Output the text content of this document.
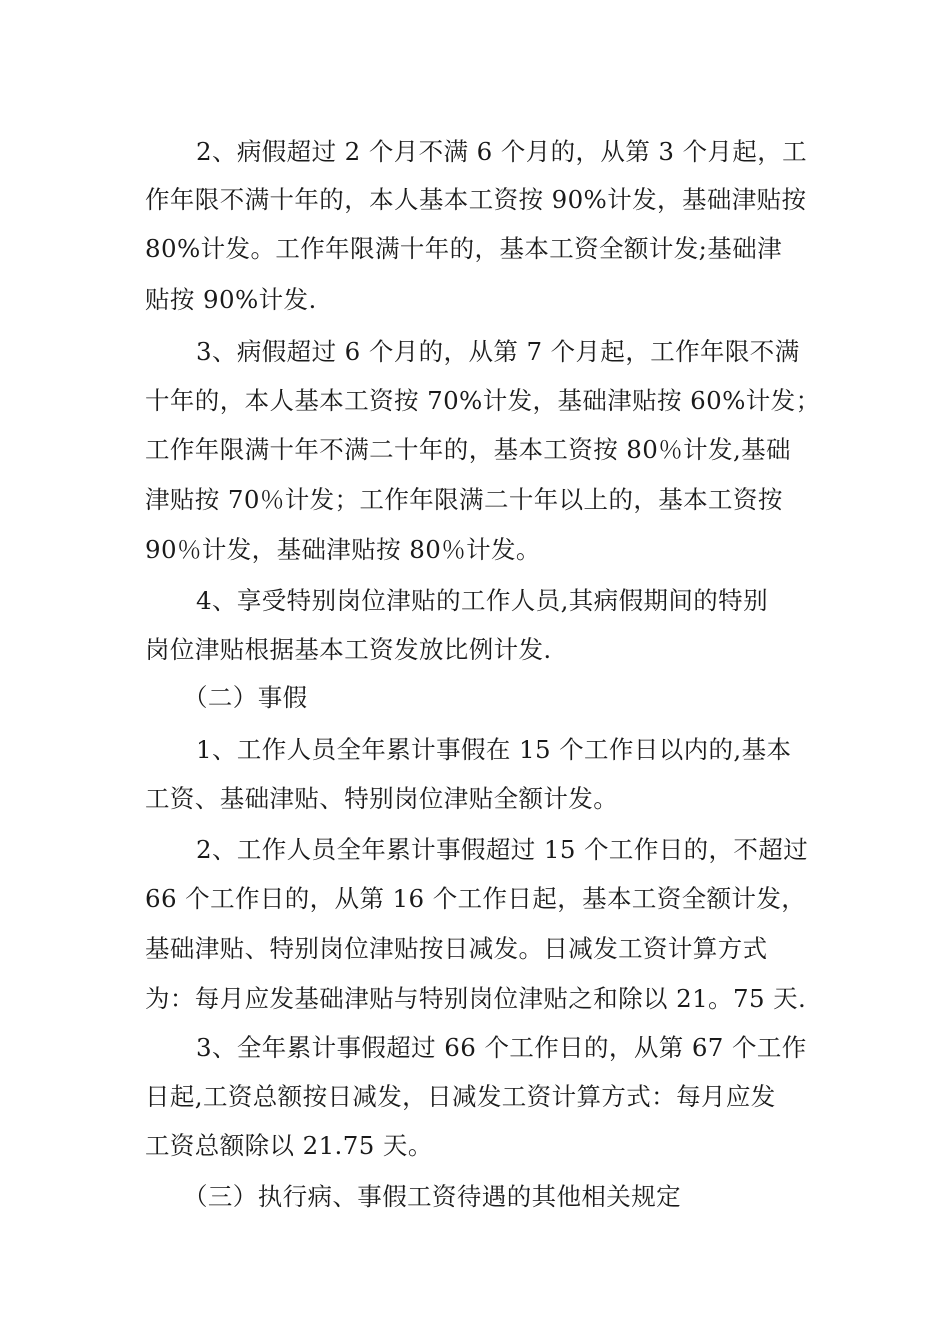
2、病假超过 2 个月不满 6 个月的，从第 3 个月起，工
作年限不满十年的，本人基本工资按 90%计发，基础津贴按
80%计发。工作年限满十年的，基本工资全额计发;基础津
贴按 90%计发.
3、病假超过 6 个月的，从第 7 个月起，工作年限不满
十年的，本人基本工资按 70%计发，基础津贴按 60%计发；
工作年限满十年不满二十年的，基本工资按 80％计发,基础
津贴按 70％计发；工作年限满二十年以上的，基本工资按
90％计发，基础津贴按 80％计发。
4、享受特别岗位津贴的工作人员,其病假期间的特别
岗位津贴根据基本工资发放比例计发.
（二）事假
1、工作人员全年累计事假在 15 个工作日以内的,基本
工资、基础津贴、特别岗位津贴全额计发。
2、工作人员全年累计事假超过 15 个工作日的，不超过
66 个工作日的，从第 16 个工作日起，基本工资全额计发，
基础津贴、特别岗位津贴按日减发。日减发工资计算方式
为：每月应发基础津贴与特别岗位津贴之和除以 21。75 天.
3、全年累计事假超过 66 个工作日的，从第 67 个工作
日起,工资总额按日减发，日减发工资计算方式：每月应发
工资总额除以 21.75 天。
（三）执行病、事假工资待遇的其他相关规定
